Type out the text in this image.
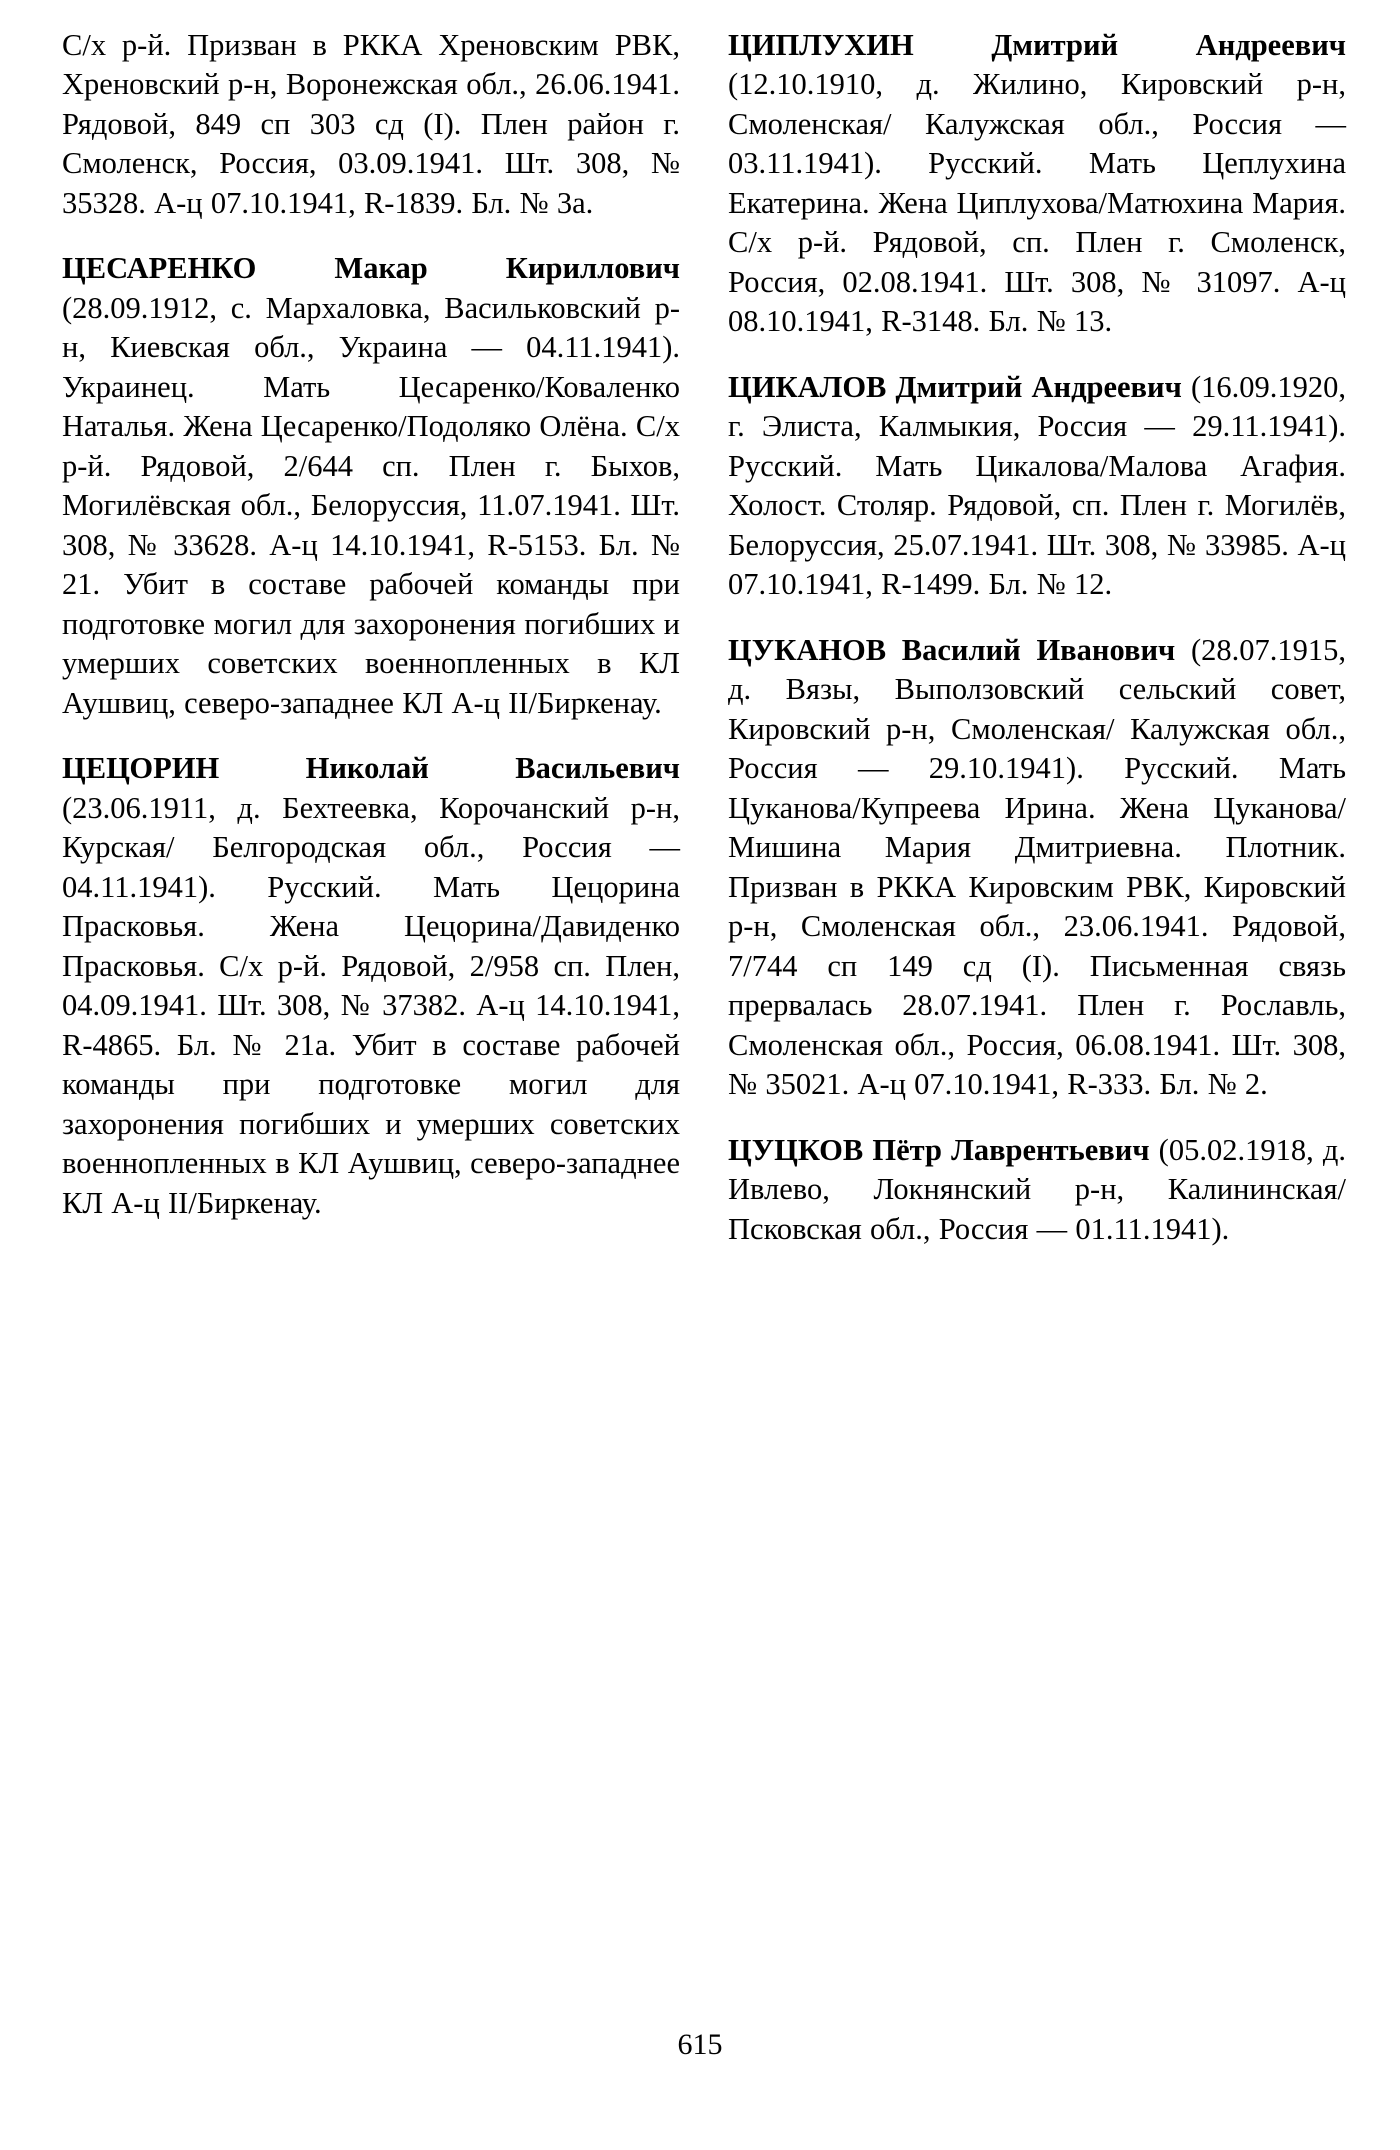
С/х р-й. Призван в РККА Хреновским РВК, Хреновский р-н, Воронежская обл., 26.06.1941. Рядовой, 849 сп 303 сд (I). Плен район г. Смоленск, Россия, 03.09.1941. Шт. 308, № 35328. А-ц 07.10.1941, R-1839. Бл. № 3а.

ЦЕСАРЕНКО Макар Кириллович (28.09.1912, с. Мархаловка, Васильковский р-н, Киевская обл., Украина — 04.11.1941). Украинец. Мать Цесаренко/Коваленко Наталья. Жена Цесаренко/Подоляко Олёна. С/х р-й. Рядовой, 2/644 сп. Плен г. Быхов, Могилёвская обл., Белоруссия, 11.07.1941. Шт. 308, № 33628. А-ц 14.10.1941, R-5153. Бл. № 21. Убит в составе рабочей команды при подготовке могил для захоронения погибших и умерших советских военнопленных в КЛ Аушвиц, северо-западнее КЛ А-ц II/Биркенау.

ЦЕЦОРИН Николай Васильевич (23.06.1911, д. Бехтеевка, Корочанский р-н, Курская/ Белгородская обл., Россия — 04.11.1941). Русский. Мать Цецорина Прасковья. Жена Цецорина/Давиденко Прасковья. С/х р-й. Рядовой, 2/958 сп. Плен, 04.09.1941. Шт. 308, № 37382. А-ц 14.10.1941, R-4865. Бл. № 21а. Убит в составе рабочей команды при подготовке могил для захоронения погибших и умерших советских военнопленных в КЛ Аушвиц, северо-западнее КЛ А-ц II/Биркенау.

ЦИПЛУХИН Дмитрий Андреевич (12.10.1910, д. Жилино, Кировский р-н, Смоленская/ Калужская обл., Россия — 03.11.1941). Русский. Мать Цеплухина Екатерина. Жена Циплухова/Матюхина Мария. С/х р-й. Рядовой, сп. Плен г. Смоленск, Россия, 02.08.1941. Шт. 308, № 31097. А-ц 08.10.1941, R-3148. Бл. № 13.

ЦИКАЛОВ Дмитрий Андреевич (16.09.1920, г. Элиста, Калмыкия, Россия — 29.11.1941). Русский. Мать Цикалова/Малова Агафия. Холост. Столяр. Рядовой, сп. Плен г. Могилёв, Белоруссия, 25.07.1941. Шт. 308, № 33985. А-ц 07.10.1941, R-1499. Бл. № 12.

ЦУКАНОВ Василий Иванович (28.07.1915, д. Вязы, Выползовский сельский совет, Кировский р-н, Смоленская/ Калужская обл., Россия — 29.10.1941). Русский. Мать Цуканова/Купреева Ирина. Жена Цуканова/Мишина Мария Дмитриевна. Плотник. Призван в РККА Кировским РВК, Кировский р-н, Смоленская обл., 23.06.1941. Рядовой, 7/744 сп 149 сд (I). Письменная связь прервалась 28.07.1941. Плен г. Рославль, Смоленская обл., Россия, 06.08.1941. Шт. 308, № 35021. А-ц 07.10.1941, R-333. Бл. № 2.

ЦУЦКОВ Пётр Лаврентьевич (05.02.1918, д. Ивлево, Локнянский р-н, Калининская/ Псковская обл., Россия — 01.11.1941).

615
